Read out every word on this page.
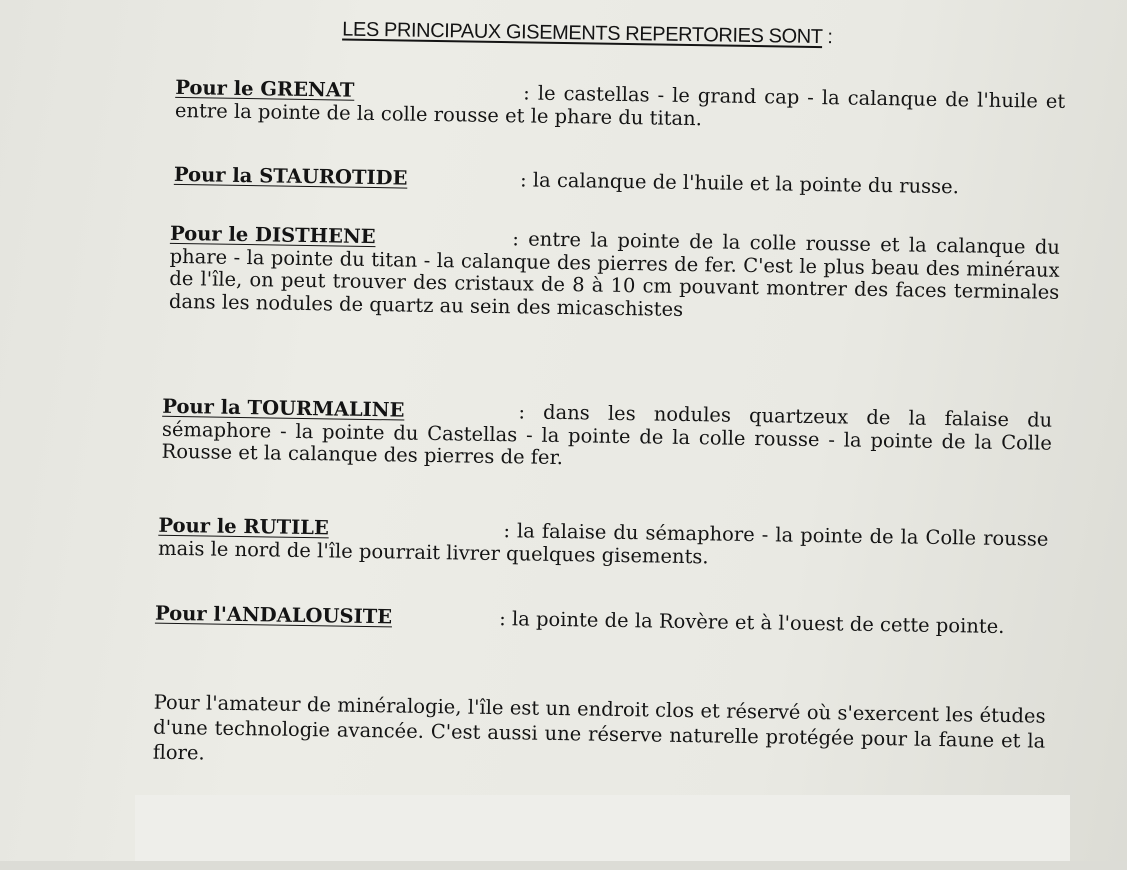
LES PRINCIPAUX GISEMENTS REPERTORIES SONT :
Pour le GRENAT	: le castellas - le grand cap - la calanque de l'huile et entre la pointe de la colle rousse et le phare du titan.
Pour la STAUROTIDE	: la calanque de l'huile et la pointe du russe.
Pour le DISTHENE	: entre la pointe de la colle rousse et la calanque du phare - la pointe du titan - la calanque des pierres de fer. C'est le plus beau des minéraux de l'île, on peut trouver des cristaux de 8 à 10 cm pouvant montrer des faces terminales dans les nodules de quartz au sein des micaschistes
Pour la TOURMALINE	: dans les nodules quartzeux de la falaise du sémaphore - la pointe du Castellas - la pointe de la colle rousse - la pointe de la Colle Rousse et la calanque des pierres de fer.
Pour le RUTILE	: la falaise du sémaphore - la pointe de la Colle rousse mais le nord de l'île pourrait livrer quelques gisements.
Pour l'ANDALOUSITE	: la pointe de la Rovère et à l'ouest de cette pointe.
Pour l'amateur de minéralogie, l'île est un endroit clos et réservé où s'exercent les études d'une technologie avancée. C'est aussi une réserve naturelle protégée pour la faune et la flore.
